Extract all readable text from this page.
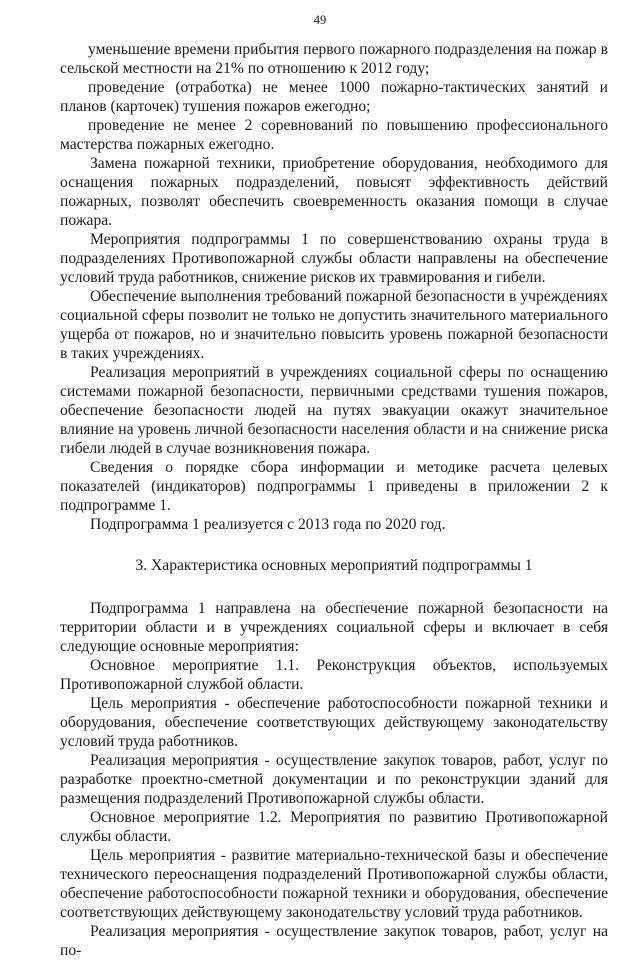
49

уменьшение времени прибытия первого пожарного подразделения на пожар в сельской местности на 21% по отношению к 2012 году;

проведение (отработка) не менее 1000 пожарно-тактических занятий и планов (карточек) тушения пожаров ежегодно;

проведение не менее 2 соревнований по повышению профессионального мастерства пожарных ежегодно.

Замена пожарной техники, приобретение оборудования, необходимого для оснащения пожарных подразделений, повысят эффективность действий пожарных, позволят обеспечить своевременность оказания помощи в случае пожара.

Мероприятия подпрограммы 1 по совершенствованию охраны труда в подразделениях Противопожарной службы области направлены на обеспечение условий труда работников, снижение рисков их травмирования и гибели.

Обеспечение выполнения требований пожарной безопасности в учреждениях социальной сферы позволит не только не допустить значительного материального ущерба от пожаров, но и значительно повысить уровень пожарной безопасности в таких учреждениях.

Реализация мероприятий в учреждениях социальной сферы по оснащению системами пожарной безопасности, первичными средствами тушения пожаров, обеспечение безопасности людей на путях эвакуации окажут значительное влияние на уровень личной безопасности населения области и на снижение риска гибели людей в случае возникновения пожара.

Сведения о порядке сбора информации и методике расчета целевых показателей (индикаторов) подпрограммы 1 приведены в приложении 2 к подпрограмме 1.

Подпрограмма 1 реализуется с 2013 года по 2020 год.

3. Характеристика основных мероприятий подпрограммы 1

Подпрограмма 1 направлена на обеспечение пожарной безопасности на территории области и в учреждениях социальной сферы и включает в себя следующие основные мероприятия:

Основное мероприятие 1.1. Реконструкция объектов, используемых Противопожарной службой области.

Цель мероприятия - обеспечение работоспособности пожарной техники и оборудования, обеспечение соответствующих действующему законодательству условий труда работников.

Реализация мероприятия - осуществление закупок товаров, работ, услуг по разработке проектно-сметной документации и по реконструкции зданий для размещения подразделений Противопожарной службы области.

Основное мероприятие 1.2. Мероприятия по развитию Противопожарной службы области.

Цель мероприятия - развитие материально-технической базы и обеспечение технического переоснащения подразделений Противопожарной службы области, обеспечение работоспособности пожарной техники и оборудования, обеспечение соответствующих действующему законодательству условий труда работников.

Реализация мероприятия - осуществление закупок товаров, работ, услуг на по-
